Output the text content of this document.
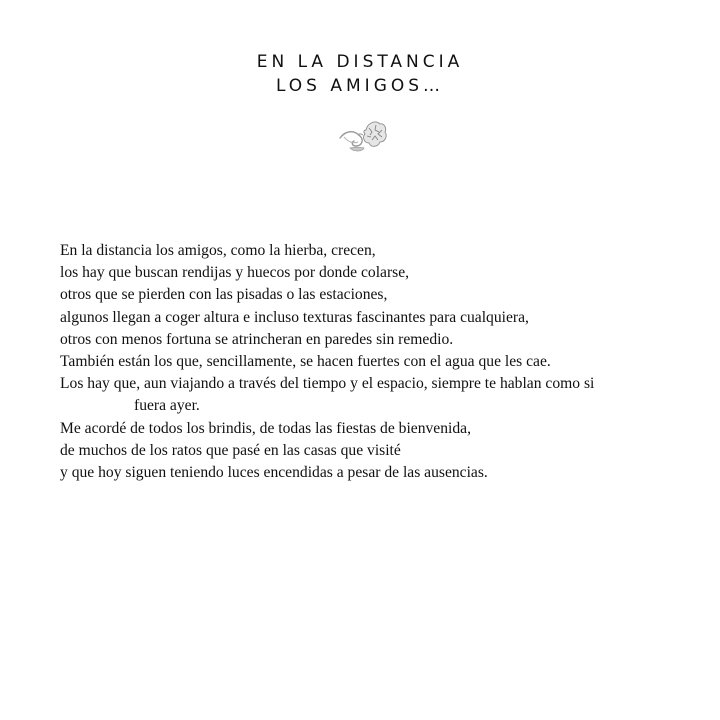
EN LA DISTANCIA
LOS AMIGOS…
En la distancia los amigos, como la hierba, crecen,
los hay que buscan rendijas y huecos por donde colarse,
otros que se pierden con las pisadas o las estaciones,
algunos llegan a coger altura e incluso texturas fascinantes para cualquiera,
otros con menos fortuna se atrincheran en paredes sin remedio.
También están los que, sencillamente, se hacen fuertes con el agua que les cae.
Los hay que, aun viajando a través del tiempo y el espacio, siempre te hablan como si
fuera ayer.
Me acordé de todos los brindis, de todas las fiestas de bienvenida,
de muchos de los ratos que pasé en las casas que visité
y que hoy siguen teniendo luces encendidas a pesar de las ausencias.
